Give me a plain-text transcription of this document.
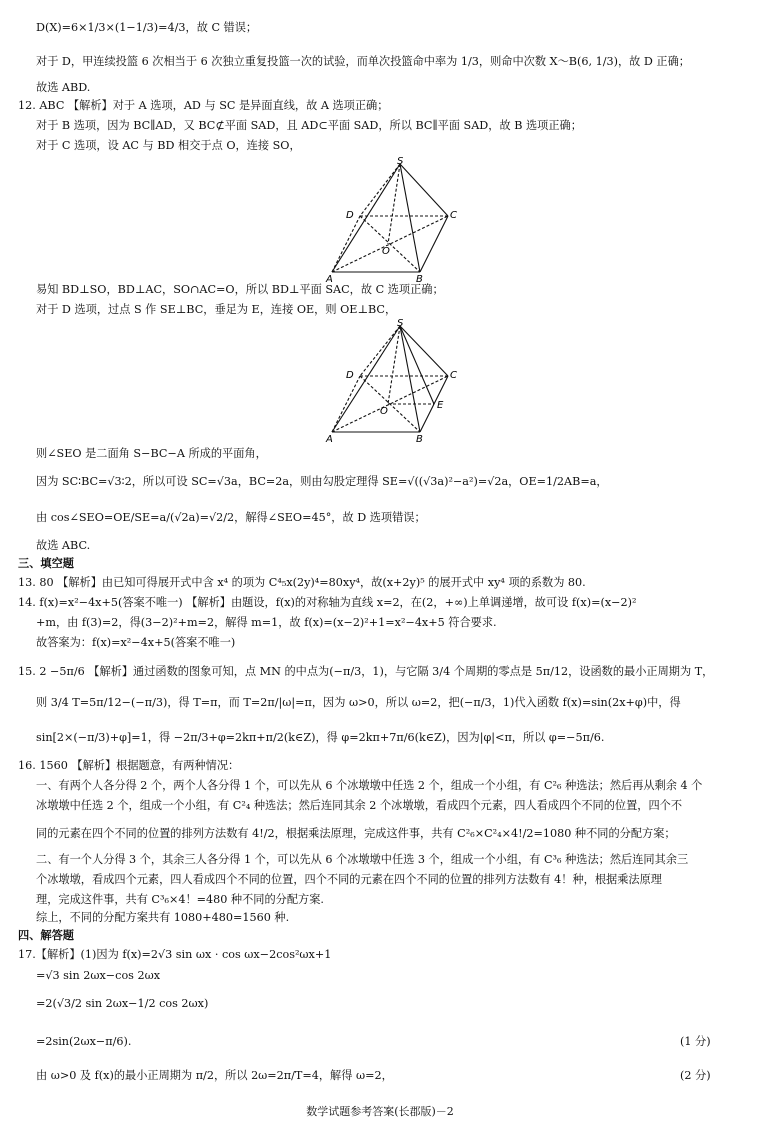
D(X)=6×1/3×(1−1/3)=4/3，故 C 错误；
对于 D，甲连续投篮 6 次相当于 6 次独立重复投篮一次的试验，而单次投篮命中率为 1/3，则命中次数 X～B(6, 1/3)，故 D 正确；
故选 ABD.
12. ABC 【解析】对于 A 选项，AD 与 SC 是异面直线，故 A 选项正确；
对于 B 选项，因为 BC∥AD，又 BC⊄平面 SAD，且 AD⊂平面 SAD，所以 BC∥平面 SAD，故 B 选项正确；
对于 C 选项，设 AC 与 BD 相交于点 O，连接 SO，
S
D	C
O
A	B
易知 BD⊥SO，BD⊥AC，SO∩AC=O，所以 BD⊥平面 SAC，故 C 选项正确；
对于 D 选项，过点 S 作 SE⊥BC，垂足为 E，连接 OE，则 OE⊥BC，
S
D	C
O
E
A	B
则∠SEO 是二面角 S−BC−A 所成的平面角，
因为 SC∶BC=√3∶2，所以可设 SC=√3a，BC=2a，则由勾股定理得 SE=√((√3a)²−a²)=√2a，OE=1/2AB=a，
由 cos∠SEO=OE/SE=a/(√2a)=√2/2，解得∠SEO=45°，故 D 选项错误；
故选 ABC.
三、填空题
13. 80 【解析】由已知可得展开式中含 x⁴ 的项为 C⁴₅x(2y)⁴=80xy⁴，故(x+2y)⁵ 的展开式中 xy⁴ 项的系数为 80.
14. f(x)=x²−4x+5(答案不唯一) 【解析】由题设，f(x)的对称轴为直线 x=2，在(2，+∞)上单调递增，故可设 f(x)=(x−2)²
+m，由 f(3)=2，得(3−2)²+m=2，解得 m=1，故 f(x)=(x−2)²+1=x²−4x+5 符合要求.
故答案为：f(x)=x²−4x+5(答案不唯一)
15. 2 −5π/6 【解析】通过函数的图象可知，点 MN 的中点为(−π/3，1)，与它隔 3/4 个周期的零点是 5π/12，设函数的最小正周期为 T，
则 3/4 T=5π/12−(−π/3)，得 T=π，而 T=2π/|ω|=π，因为 ω>0，所以 ω=2，把(−π/3，1)代入函数 f(x)=sin(2x+φ)中，得
sin[2×(−π/3)+φ]=1，得 −2π/3+φ=2kπ+π/2(k∈Z)，得 φ=2kπ+7π/6(k∈Z)，因为|φ|<π，所以 φ=−5π/6.
16. 1560 【解析】根据题意，有两种情况：
一、有两个人各分得 2 个，两个人各分得 1 个，可以先从 6 个冰墩墩中任选 2 个，组成一个小组，有 C²₆ 种选法；然后再从剩余 4 个
冰墩墩中任选 2 个，组成一个小组，有 C²₄ 种选法；然后连同其余 2 个冰墩墩，看成四个元素，四人看成四个不同的位置，四个不
同的元素在四个不同的位置的排列方法数有 4!/2，根据乘法原理，完成这件事，共有 C²₆×C²₄×4!/2=1080 种不同的分配方案；
二、有一个人分得 3 个，其余三人各分得 1 个，可以先从 6 个冰墩墩中任选 3 个，组成一个小组，有 C³₆ 种选法；然后连同其余三
个冰墩墩，看成四个元素，四人看成四个不同的位置，四个不同的元素在四个不同的位置的排列方法数有 4！种，根据乘法原理
理，完成这件事，共有 C³₆×4！=480 种不同的分配方案.
综上，不同的分配方案共有 1080+480=1560 种.
四、解答题
17.【解析】(1)因为 f(x)=2√3 sin ωx · cos ωx−2cos²ωx+1
=√3 sin 2ωx−cos 2ωx
=2(√3/2 sin 2ωx−1/2 cos 2ωx)
=2sin(2ωx−π/6).	(1 分)
由 ω>0 及 f(x)的最小正周期为 π/2，所以 2ω=2π/T=4，解得 ω=2，	(2 分)
数学试题参考答案(长郡版)－2
